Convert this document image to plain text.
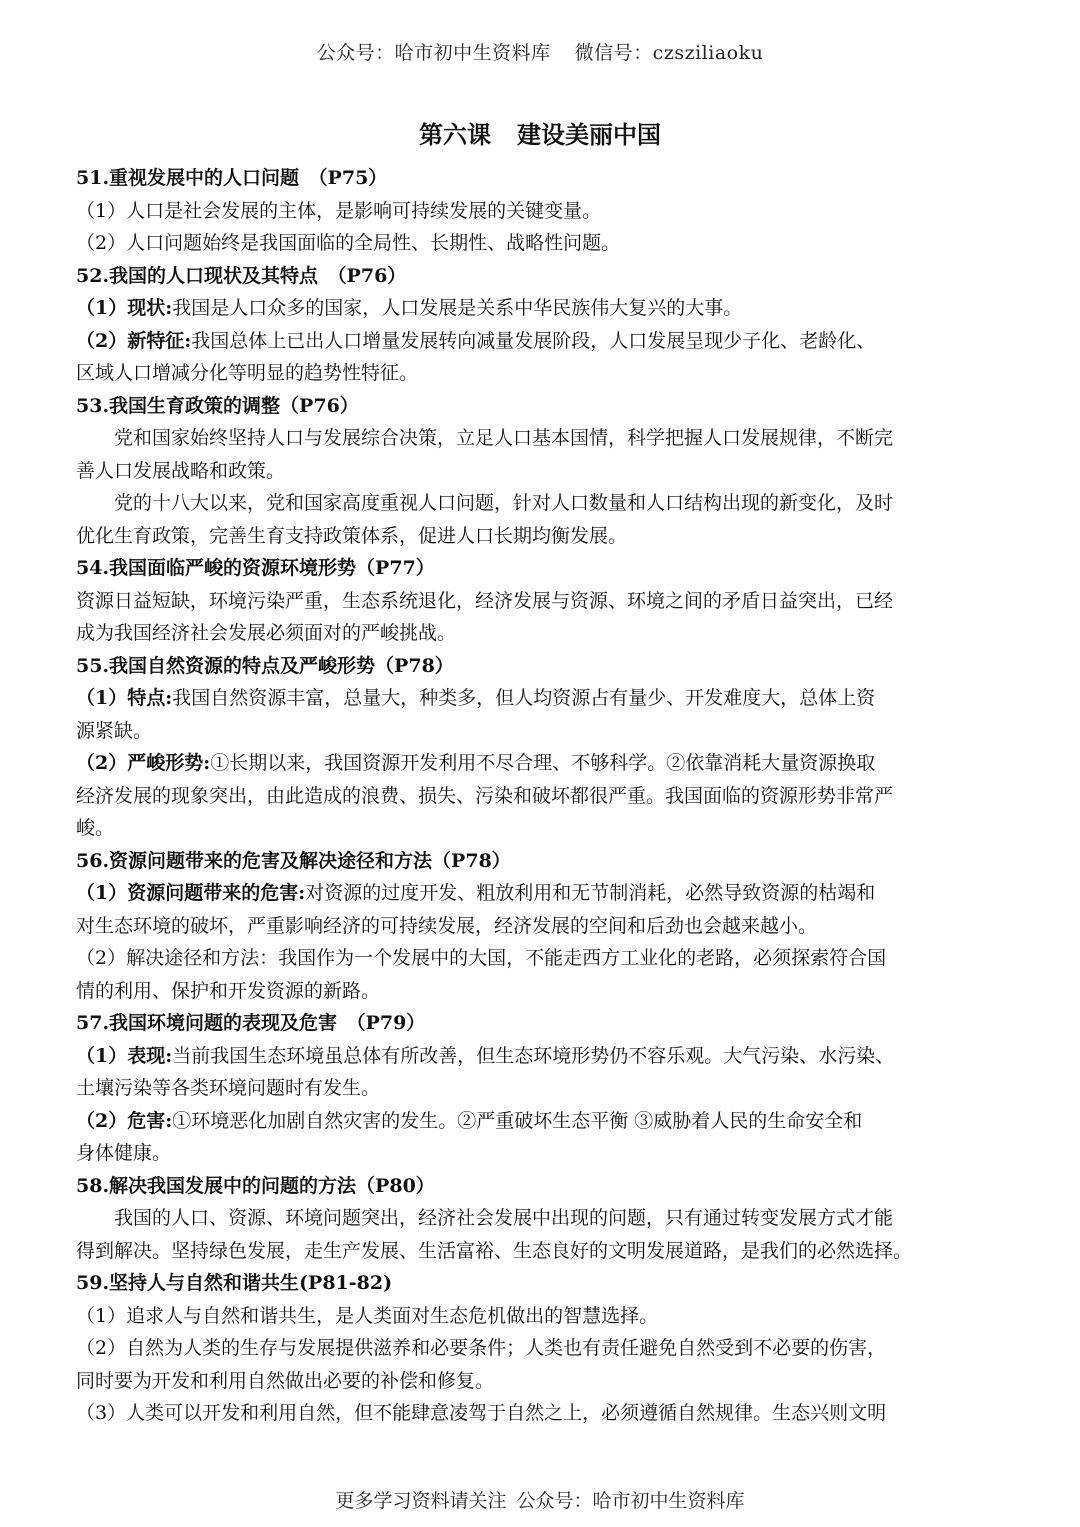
公众号：哈市初中生资料库 微信号：czsziliaoku
第六课 建设美丽中国

51.重视发展中的人口问题　（P75）

（1）人口是社会发展的主体，是影响可持续发展的关键变量。

（2）人口问题始终是我国面临的全局性、长期性、战略性问题。

52.我国的人口现状及其特点　（P76）

（1）现状:我国是人口众多的国家，人口发展是关系中华民族伟大复兴的大事。

（2）新特征:我国总体上已出人口增量发展转向减量发展阶段，人口发展呈现少子化、老龄化、

区域人口增减分化等明显的趋势性特征。

53.我国生育政策的调整（P76）

党和国家始终坚持人口与发展综合决策，立足人口基本国情，科学把握人口发展规律，不断完

善人口发展战略和政策。

党的十八大以来，党和国家高度重视人口问题，针对人口数量和人口结构出现的新变化，及时

优化生育政策，完善生育支持政策体系，促进人口长期均衡发展。

54.我国面临严峻的资源环境形势（P77）

资源日益短缺，环境污染严重，生态系统退化，经济发展与资源、环境之间的矛盾日益突出，已经

成为我国经济社会发展必须面对的严峻挑战。

55.我国自然资源的特点及严峻形势（P78）

（1）特点:我国自然资源丰富，总量大，种类多，但人均资源占有量少、开发难度大，总体上资

源紧缺。

（2）严峻形势:①长期以来，我国资源开发利用不尽合理、不够科学。②依靠消耗大量资源换取

经济发展的现象突出，由此造成的浪费、损失、污染和破坏都很严重。我国面临的资源形势非常严

峻。

56.资源问题带来的危害及解决途径和方法（P78）

（1）资源问题带来的危害:对资源的过度开发、粗放利用和无节制消耗，必然导致资源的枯竭和

对生态环境的破坏，严重影响经济的可持续发展，经济发展的空间和后劲也会越来越小。

（2）解决途径和方法：我国作为一个发展中的大国，不能走西方工业化的老路，必须探索符合国

情的利用、保护和开发资源的新路。

57.我国环境问题的表现及危害　（P79）

（1）表现:当前我国生态环境虽总体有所改善，但生态环境形势仍不容乐观。大气污染、水污染、

土壤污染等各类环境问题时有发生。

（2）危害:①环境恶化加剧自然灾害的发生。②严重破坏生态平衡 ③威胁着人民的生命安全和

身体健康。

58.解决我国发展中的问题的方法（P80）

我国的人口、资源、环境问题突出，经济社会发展中出现的问题，只有通过转变发展方式才能

得到解决。坚持绿色发展，走生产发展、生活富裕、生态良好的文明发展道路，是我们的必然选择。

59.坚持人与自然和谐共生(P81-82)

（1）追求人与自然和谐共生，是人类面对生态危机做出的智慧选择。

（2）自然为人类的生存与发展提供滋养和必要条件；人类也有责任避免自然受到不必要的伤害，

同时要为开发和利用自然做出必要的补偿和修复。

（3）人类可以开发和利用自然，但不能肆意凌驾于自然之上，必须遵循自然规律。生态兴则文明

更多学习资料请关注 公众号：哈市初中生资料库
